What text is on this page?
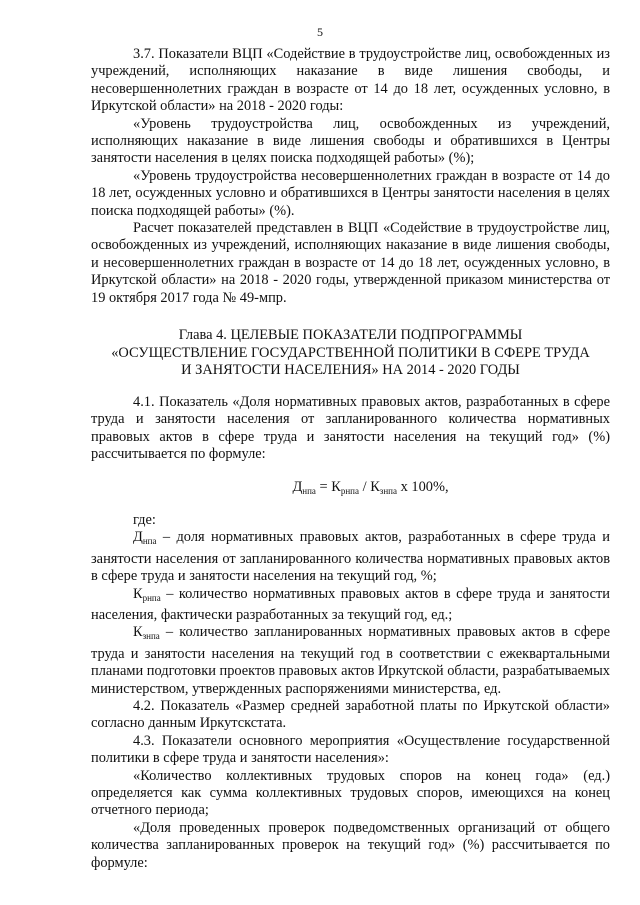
5

3.7. Показатели ВЦП «Содействие в трудоустройстве лиц, освобожденных из учреждений, исполняющих наказание в виде лишения свободы, и несовершеннолетних граждан в возрасте от 14 до 18 лет, осужденных условно, в Иркутской области» на 2018 - 2020 годы:

«Уровень трудоустройства лиц, освобожденных из учреждений, исполняющих наказание в виде лишения свободы и обратившихся в Центры занятости населения в целях поиска подходящей работы» (%);

«Уровень трудоустройства несовершеннолетних граждан в возрасте от 14 до 18 лет, осужденных условно и обратившихся в Центры занятости населения в целях поиска подходящей работы» (%).

Расчет показателей представлен в ВЦП «Содействие в трудоустройстве лиц, освобожденных из учреждений, исполняющих наказание в виде лишения свободы, и несовершеннолетних граждан в возрасте от 14 до 18 лет, осужденных условно, в Иркутской области» на 2018 - 2020 годы, утвержденной приказом министерства от 19 октября 2017 года № 49-мпр.

Глава 4. ЦЕЛЕВЫЕ ПОКАЗАТЕЛИ ПОДПРОГРАММЫ
«ОСУЩЕСТВЛЕНИЕ ГОСУДАРСТВЕННОЙ ПОЛИТИКИ В СФЕРЕ ТРУДА
И ЗАНЯТОСТИ НАСЕЛЕНИЯ» НА 2014 - 2020 ГОДЫ

4.1. Показатель «Доля нормативных правовых актов, разработанных в сфере труда и занятости населения от запланированного количества нормативных правовых актов в сфере труда и занятости населения на текущий год» (%) рассчитывается по формуле:

$Д_{нпа} = К_{рнпа} / К_{знпа}$ х 100%,

где:

$Д_{нпа}$ – доля нормативных правовых актов, разработанных в сфере труда и занятости населения от запланированного количества нормативных правовых актов в сфере труда и занятости населения на текущий год, %;

$К_{рнпа}$ – количество нормативных правовых актов в сфере труда и занятости населения, фактически разработанных за текущий год, ед.;

$К_{знпа}$ – количество запланированных нормативных правовых актов в сфере труда и занятости населения на текущий год в соответствии с ежеквартальными планами подготовки проектов правовых актов Иркутской области, разрабатываемых министерством, утвержденных распоряжениями министерства, ед.

4.2. Показатель «Размер средней заработной платы по Иркутской области» согласно данным Иркутскстата.

4.3. Показатели основного мероприятия «Осуществление государственной политики в сфере труда и занятости населения»:

«Количество коллективных трудовых споров на конец года» (ед.) определяется как сумма коллективных трудовых споров, имеющихся на конец отчетного периода;

«Доля проведенных проверок подведомственных организаций от общего количества запланированных проверок на текущий год» (%) рассчитывается по формуле:
